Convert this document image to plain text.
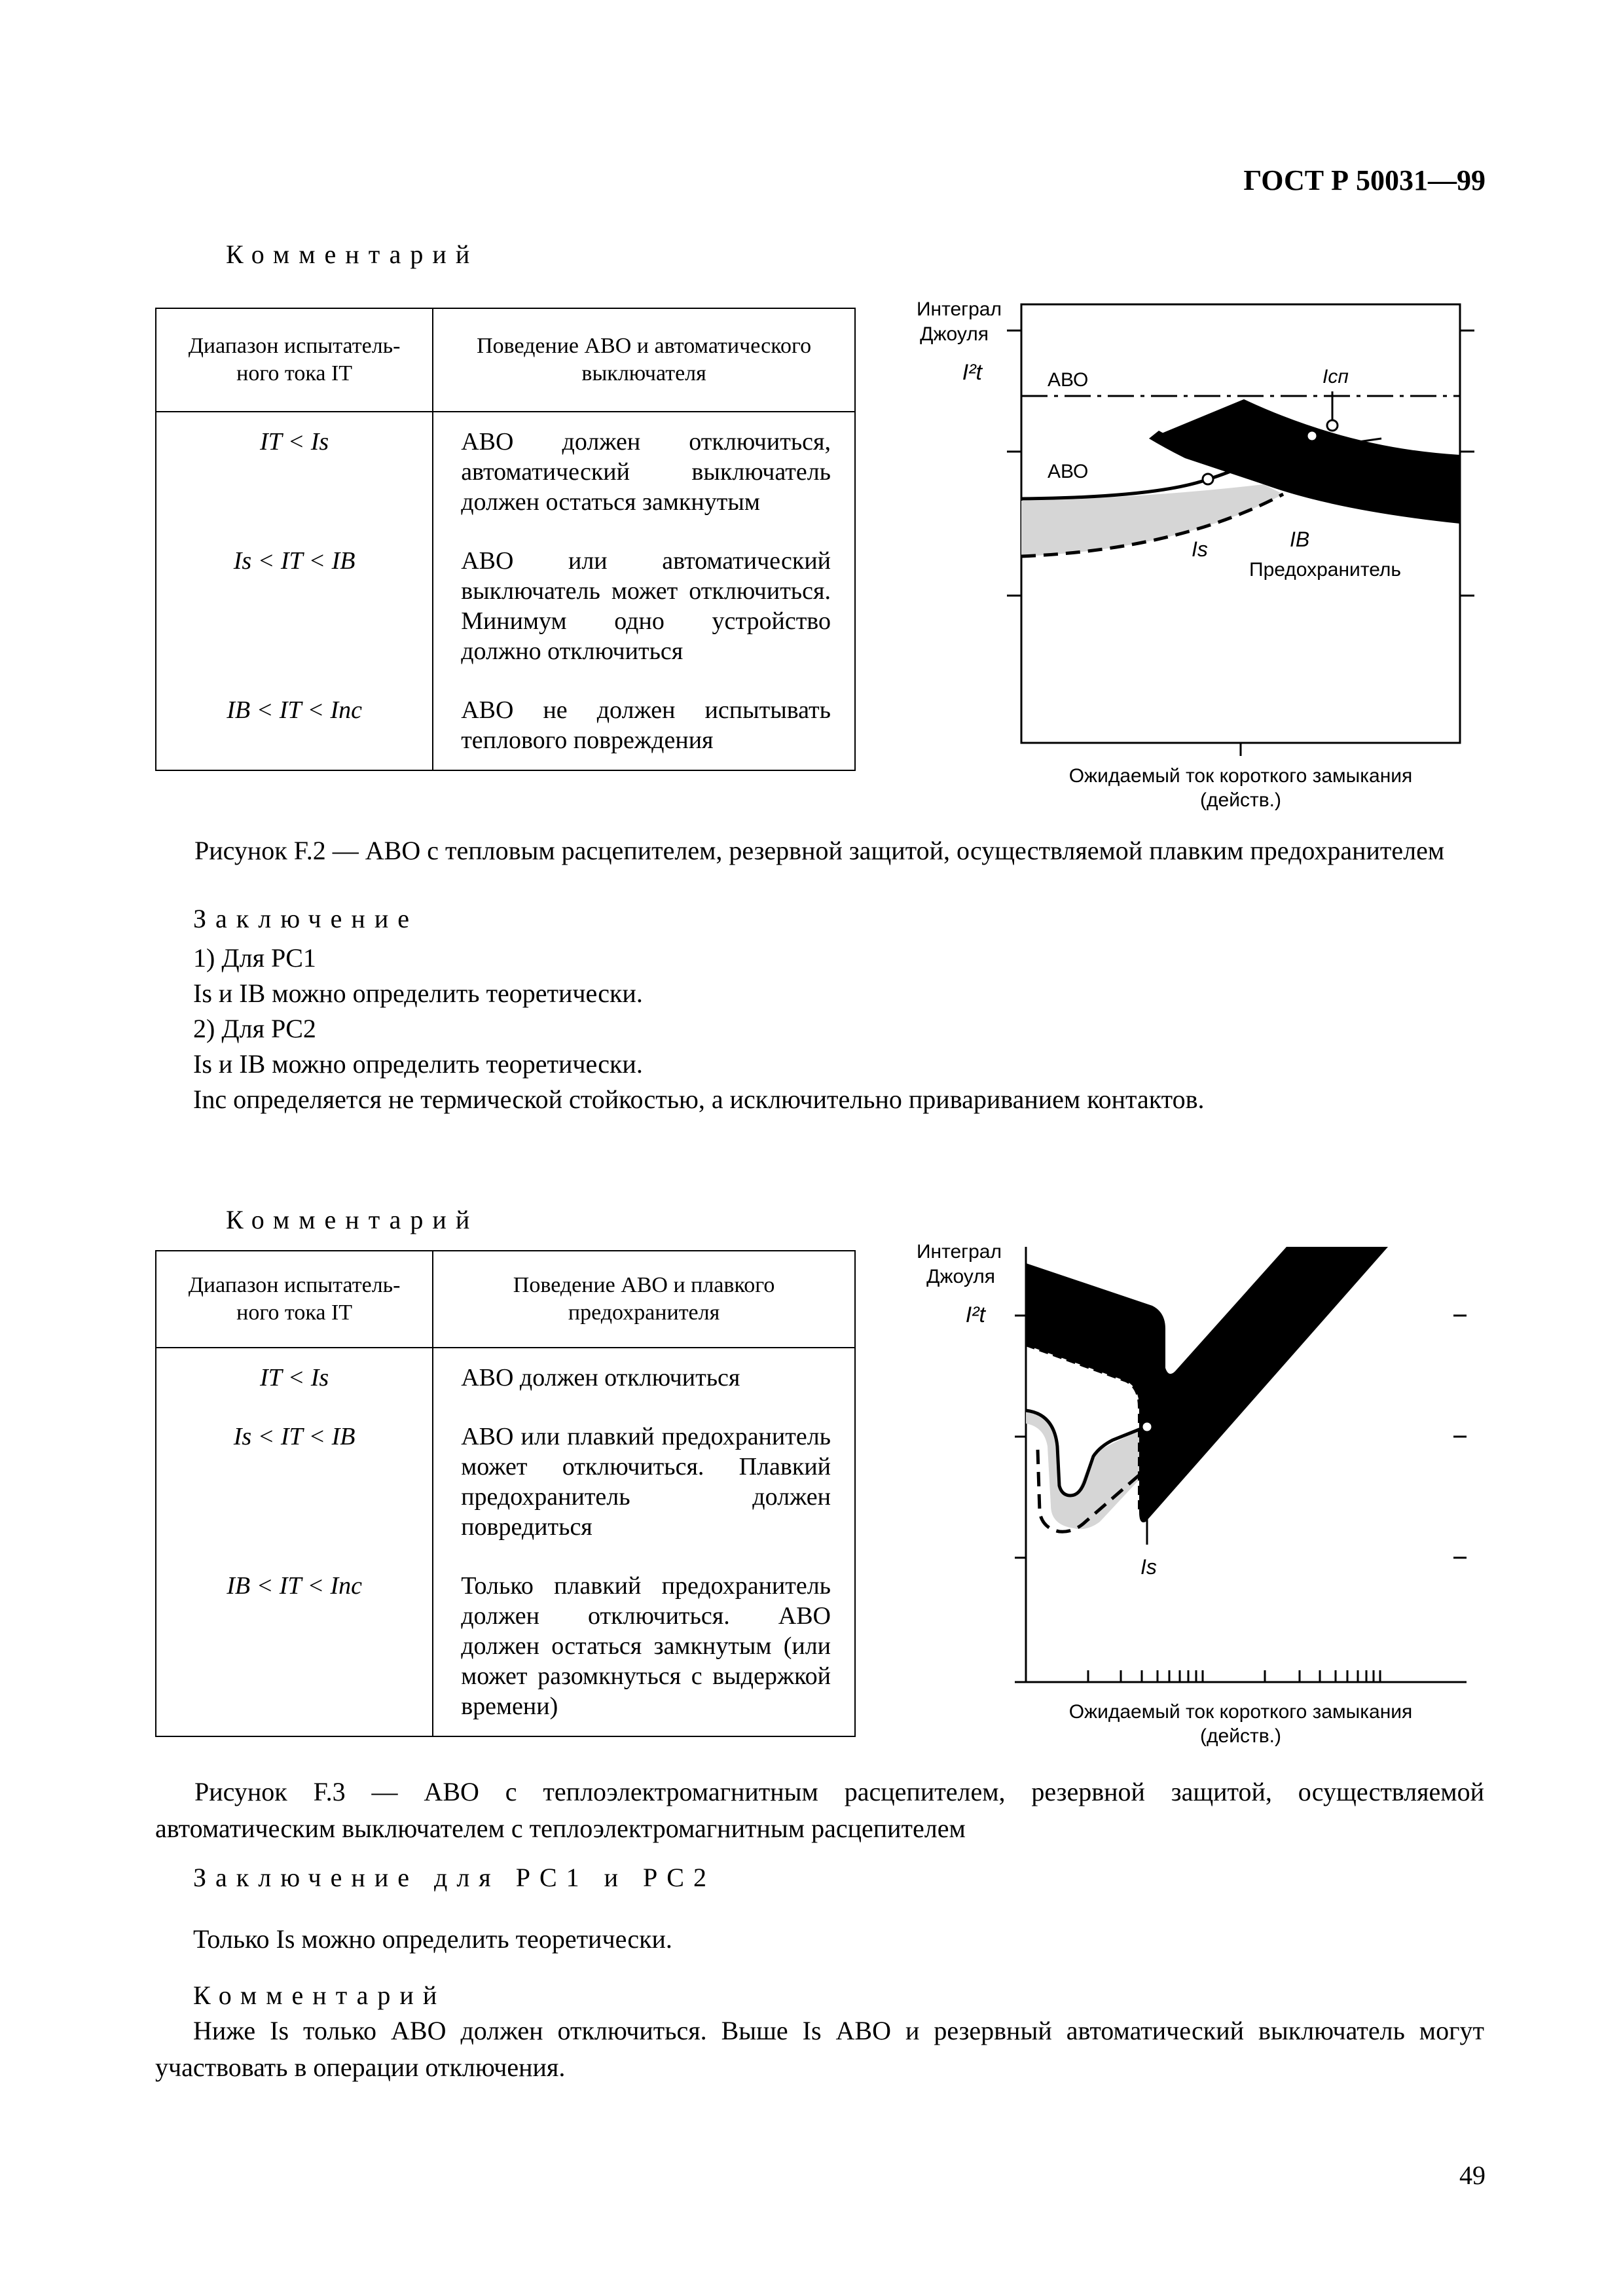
ГОСТ Р 50031—99
Комментарий
Диапазон испытатель-ного тока IT	Поведение АВО и автоматического выключателя
IT < Is	АВО должен отключиться, автоматический выключатель должен остаться замкнутым
Is < IT < IB	АВО или автоматический выключатель может отключиться. Минимум одно устройство должно отключиться
IB < IT < Inc	АВО не должен испытывать теплового повреждения
Интеграл
Джоуля
I²t	АВО
АВО
Iсп
Is	IB
Предохранитель
Ожидаемый ток короткого замыкания
(действ.)
Рисунок F.2 — АВО с тепловым расцепителем, резервной защитой, осуществляемой плавким предохранителем
Заключение
1) Для PC1
Is и IB можно определить теоретически.
2) Для PC2
Is и IB можно определить теоретически.
Inc определяется не термической стойкостью, а исключительно привариванием контактов.
Комментарий
Диапазон испытатель-ного тока IT	Поведение АВО и плавкого предохранителя
IT < Is	АВО должен отключиться
Is < IT < IB	АВО или плавкий предохранитель может отключиться. Плавкий предохранитель должен повредиться
IB < IT < Inc	Только плавкий предохранитель должен отключиться. АВО должен остаться замкнутым (или может разомкнуться с выдержкой времени)
Интеграл
Джоуля
I²t
Is
Ожидаемый ток короткого замыкания
(действ.)
Рисунок F.3 — АВО с теплоэлектромагнитным расцепителем, резервной защитой, осуществляемой автоматическим выключателем с теплоэлектромагнитным расцепителем
Заключение для PC1 и PC2
Только Is можно определить теоретически.
Комментарий
Ниже Is только АВО должен отключиться. Выше Is АВО и резервный автоматический выключатель могут участвовать в операции отключения.
49
